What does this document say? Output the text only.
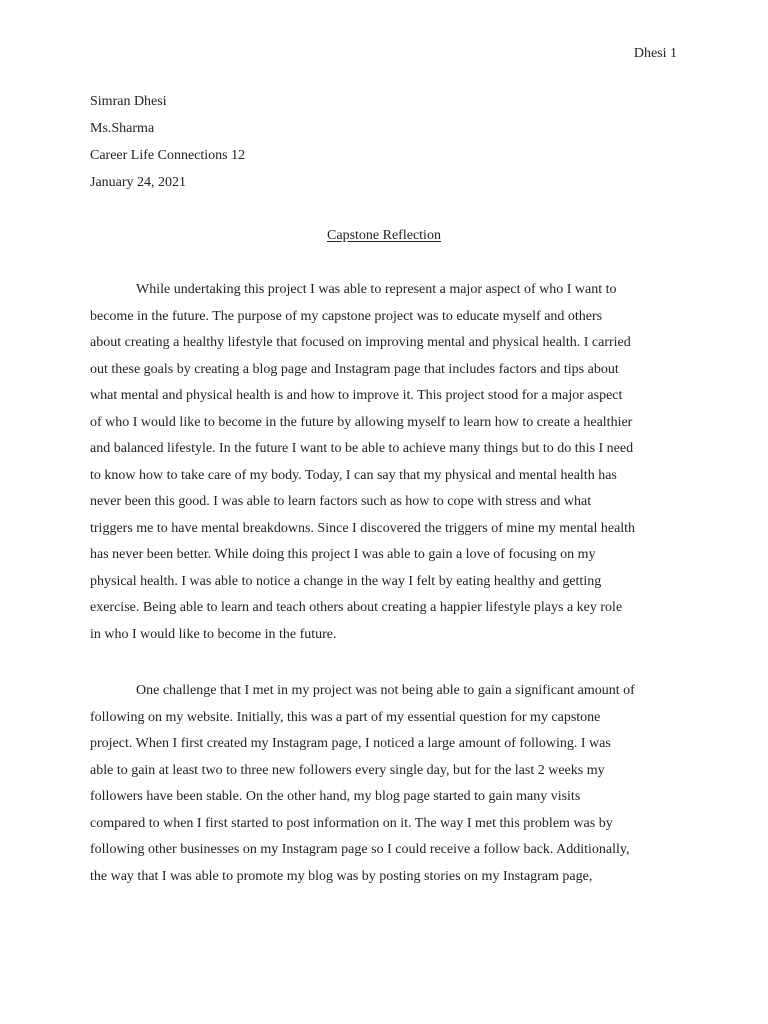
Dhesi 1
Simran Dhesi
Ms.Sharma
Career Life Connections 12
January 24, 2021
Capstone Reflection
While undertaking this project I was able to represent a major aspect of who I want to
become in the future. The purpose of my capstone project was to educate myself and others
about creating a healthy lifestyle that focused on improving mental and physical health. I carried
out these goals by creating a blog page and Instagram page that includes factors and tips about
what mental and physical health is and how to improve it. This project stood for a major aspect
of who I would like to become in the future by allowing myself to learn how to create a healthier
and balanced lifestyle. In the future I want to be able to achieve many things but to do this I need
to know how to take care of my body. Today, I can say that my physical and mental health has
never been this good. I was able to learn factors such as how to cope with stress and what
triggers me to have mental breakdowns. Since I discovered the triggers of mine my mental health
has never been better. While doing this project I was able to gain a love of focusing on my
physical health. I was able to notice a change in the way I felt by eating healthy and getting
exercise. Being able to learn and teach others about creating a happier lifestyle plays a key role
in who I would like to become in the future.
One challenge that I met in my project was not being able to gain a significant amount of
following on my website. Initially, this was a part of my essential question for my capstone
project. When I first created my Instagram page, I noticed a large amount of following. I was
able to gain at least two to three new followers every single day, but for the last 2 weeks my
followers have been stable. On the other hand, my blog page started to gain many visits
compared to when I first started to post information on it. The way I met this problem was by
following other businesses on my Instagram page so I could receive a follow back. Additionally,
the way that I was able to promote my blog was by posting stories on my Instagram page,
